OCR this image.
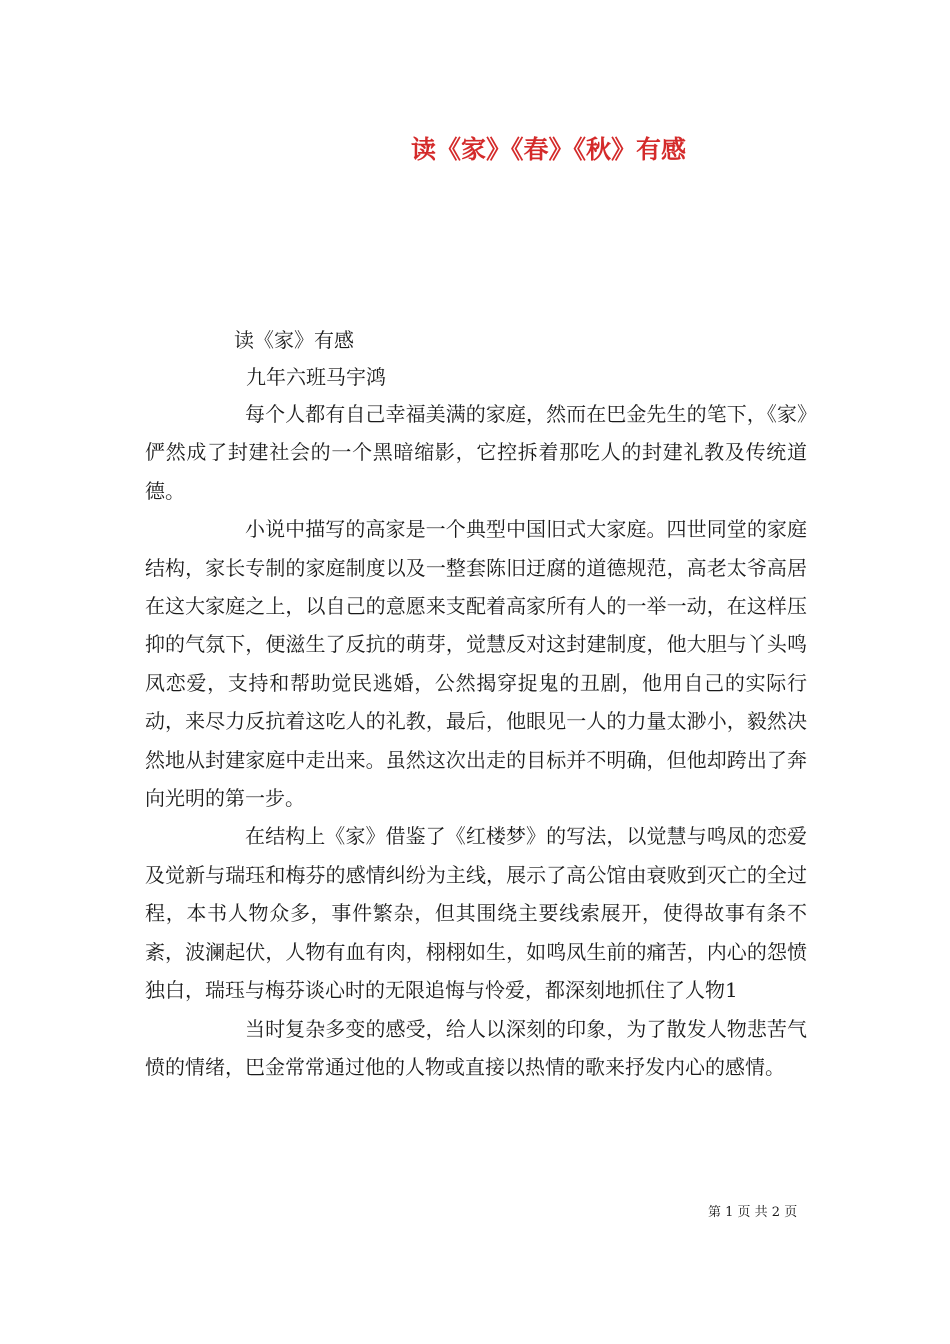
读《家》《春》《秋》有感

读《家》有感

九年六班马宇鸿

每个人都有自己幸福美满的家庭，然而在巴金先生的笔下，《家》俨然成了封建社会的一个黑暗缩影，它控拆着那吃人的封建礼教及传统道德。

小说中描写的高家是一个典型中国旧式大家庭。四世同堂的家庭结构，家长专制的家庭制度以及一整套陈旧迂腐的道德规范，高老太爷高居在这大家庭之上，以自己的意愿来支配着高家所有人的一举一动，在这样压抑的气氛下，便滋生了反抗的萌芽，觉慧反对这封建制度，他大胆与丫头鸣凤恋爱，支持和帮助觉民逃婚，公然揭穿捉鬼的丑剧，他用自己的实际行动，来尽力反抗着这吃人的礼教，最后，他眼见一人的力量太渺小，毅然决然地从封建家庭中走出来。虽然这次出走的目标并不明确，但他却跨出了奔向光明的第一步。

在结构上《家》借鉴了《红楼梦》的写法，以觉慧与鸣凤的恋爱及觉新与瑞珏和梅芬的感情纠纷为主线，展示了高公馆由衰败到灭亡的全过程，本书人物众多，事件繁杂，但其围绕主要线索展开，使得故事有条不紊，波澜起伏，人物有血有肉，栩栩如生，如鸣凤生前的痛苦，内心的怨愤独白，瑞珏与梅芬谈心时的无限追悔与怜爱，都深刻地抓住了人物1

当时复杂多变的感受，给人以深刻的印象，为了散发人物悲苦气愤的情绪，巴金常常通过他的人物或直接以热情的歌来抒发内心的感情。

第 1 页 共 2 页
